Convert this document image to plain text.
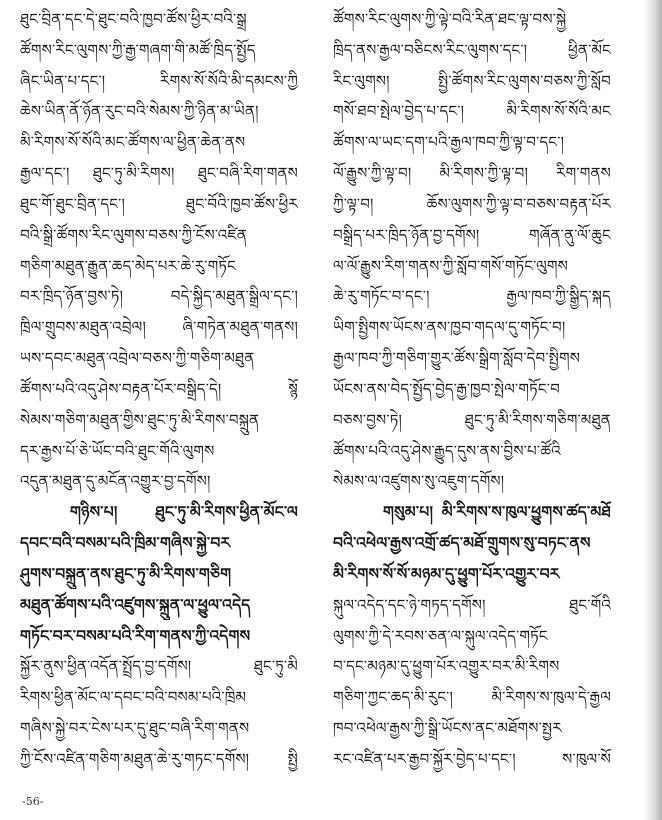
ཐུང་བྲིན་དང་དེ་ཐུང་བའི་ཁྱབ་ཚོས་ཕྱིར་བའི་སྒྲ
ཚོགས་རིང་ལུགས་ཀྱི་རྒྱ་གཞག་གི་མཚོ་ཁྲིད་སྤྱོད
ཞིང་ཡིན་པ་དང་། རིགས་སོ་སོའི་མི་དམངས་ཀྱི
ཆེས་ཡིན་ནོ་ཉོན་རུང་བའི་སེམས་ཀྱི་ཉིན་མ་ཡིན།
མི་རིགས་སོ་སོའི་མང་ཚོགས་ལ་ཕྱིན་ཆེན་ནས
རྒྱལ་དང་། ཐུང་ཏུ་མི་རིགས། ཐུང་བཞི་རིག་གནས
ཐུང་གོ་ཐུང་བྲིན་དང་། ཐུང་བོའི་ཁྱབ་ཚོས་ཕྱིར
བའི་སྒྲི་ཚོགས་རིང་ལུགས་བཅས་ཀྱི་ངོས་འཛིན
གཅིག་མཐུན་རྒྱུན་ཆད་མེད་པར་ཆེ་རུ་གཏོང
བར་ཁྲིད་ཉོན་བྱས་ཏེ། བདེ་སྐྱིད་མཐུན་སྒྲིལ་དང་།
ཁྲིལ་གྲུབས་མཐུན་འབྲེལ། ཞི་གཏེན་མཐུན་གནས།
ཡས་དབང་མཐུན་འབྲེལ་བཅས་ཀྱི་གཅིག་མཐུན
ཚོགས་པའི་འདུ་ཤེས་བརྟན་པོར་བསྒྲིད་དེ། སྙོ
སེམས་གཅིག་མཐུན་གྱིས་ཐུང་ཏུ་མི་རིགས་བསྐྲུན
དར་རྒྱས་པོ་ཅེ་ཡོང་བའི་ཐུང་གོའི་ལུགས
འདུན་མཐུན་དུ་མངོན་འགྱུར་བྱ་དགོས།
གཉིས་པ། ཐུང་ཏུ་མི་རིགས་ཕྱིན་མོང་ལ
དབང་བའི་བསམ་པའི་ཁྲིམ་གཞིས་སྐྱེ་བར
ཤུགས་བསྐྲུན་ནས་ཐུང་ཏུ་མི་རིགས་གཅིག
མཐུན་ཚོགས་པའི་འཛུགས་སྐྲུན་ལ་ཕྱུལ་འདེད
གཏོང་བར་བསམ་པའི་རིག་གནས་ཀྱི་འདེགས
སྐྱོར་ནུས་ཕྱིན་འདོན་སྤྲོད་བྱ་དགོས། ཐུང་ཏུ་མི
རིགས་ཕྱིན་མོང་ལ་དབང་བའི་བསམ་པའི་ཁྲིམ
གཞིས་སྐྱེ་བར་ངེས་པར་དུ་ཐུང་བཞི་རིག་གནས
ཀྱི་ངོས་འཛིན་གཅིག་མཐུན་ཆེ་རུ་གཏང་དགོས། སྤྱི
ཚོགས་རིང་ལུགས་ཀྱི་ལྟེ་བའི་རིན་ཐང་ལྟ་བས་སྐྱེ
ཁྲིད་ནས་རྒྱལ་བཅིངས་རིང་ལུགས་དང་། ཕྱིན་མོང
རིང་ལུགས། སྤྱི་ཚོགས་རིང་ལུགས་བཅས་ཀྱི་སློབ
གསོ་ཐབ་སྤེལ་བྱེད་པ་དང་། མི་རིགས་སོ་སོའི་མང
ཚོགས་ལ་ཡང་དག་པའི་རྒྱལ་ཁབ་ཀྱི་ལྟ་བ་དང་།
ལོ་རྒྱུས་ཀྱི་ལྟ་བ། མི་རིགས་ཀྱི་ལྟ་བ། རིག་གནས
ཀྱི་ལྟ་བ། ཆོས་ལུགས་ཀྱི་ལྟ་བ་བཅས་བརྟན་པོར
བསྒྲིད་པར་ཁྲིད་ཉོན་བྱ་དགོས། གཞོན་ནུ་ལོ་ཆུང
ལ་ལོ་རྒྱུས་རིག་གནས་ཀྱི་སློབ་གསོ་གཏོང་ལུགས
ཆེ་རུ་གཏོང་བ་དང་། རྒྱལ་ཁབ་ཀྱི་སྒྱིད་སྐད
ཡིག་སྤྱིགས་ཡོངས་ནས་ཁྱབ་གདལ་དུ་གཏོང་བ།
རྒྱལ་ཁབ་ཀྱི་གཅིག་གྱུར་ཚོས་སྒྲིག་སློབ་དེབ་སྤྱིགས
ཡོངས་ནས་བེད་སྤྱོད་བྱེད་རྒྱ་ཁྱབ་སྤེལ་གཏོང་བ
བཅས་བྱས་ཏེ། ཐུང་ཏུ་མི་རིགས་གཅིག་མཐུན
ཚོགས་པའི་འདུ་ཤེས་རྒྱུད་དུས་ནས་བྱིས་པ་ཚོའི
སེམས་ལ་འཛུགས་སུ་འཇུག་དགོས།
གསུམ་པ། མི་རིགས་ས་ཁུལ་ཕྱུགས་ཚད་མཐོ
བའི་འཕེལ་རྒྱས་འགྲོ་ཚད་མཐོ་གྲུགས་སུ་བཏང་ནས
མི་རིགས་སོ་སོ་མཉམ་དུ་ཕྱུག་པོར་འགྱུར་བར
སྐུལ་འདེད་དང་ཉེ་གཏད་དགོས། ཐུང་གོའི
ལུགས་ཀྱི་དེ་རབས་ཅན་ལ་སྐུལ་འདེད་གཏོང
བ་དང་མཉམ་དུ་ཕྱུག་པོར་འགྱུར་བར་མི་རིགས
གཅིག་ཀྱང་ཆད་མི་རུང་། མི་རིགས་ས་ཁུལ་དེ་རྒྱལ
ཁབ་འཕེལ་རྒྱས་ཀྱི་སྒྲི་ཡོངས་ནང་མཐོགས་སྤྱར
རང་འཛིན་པར་རྒྱབ་སྐྱོར་བྱེད་པ་དང་། ས་ཁུལ་སོ
-56-
